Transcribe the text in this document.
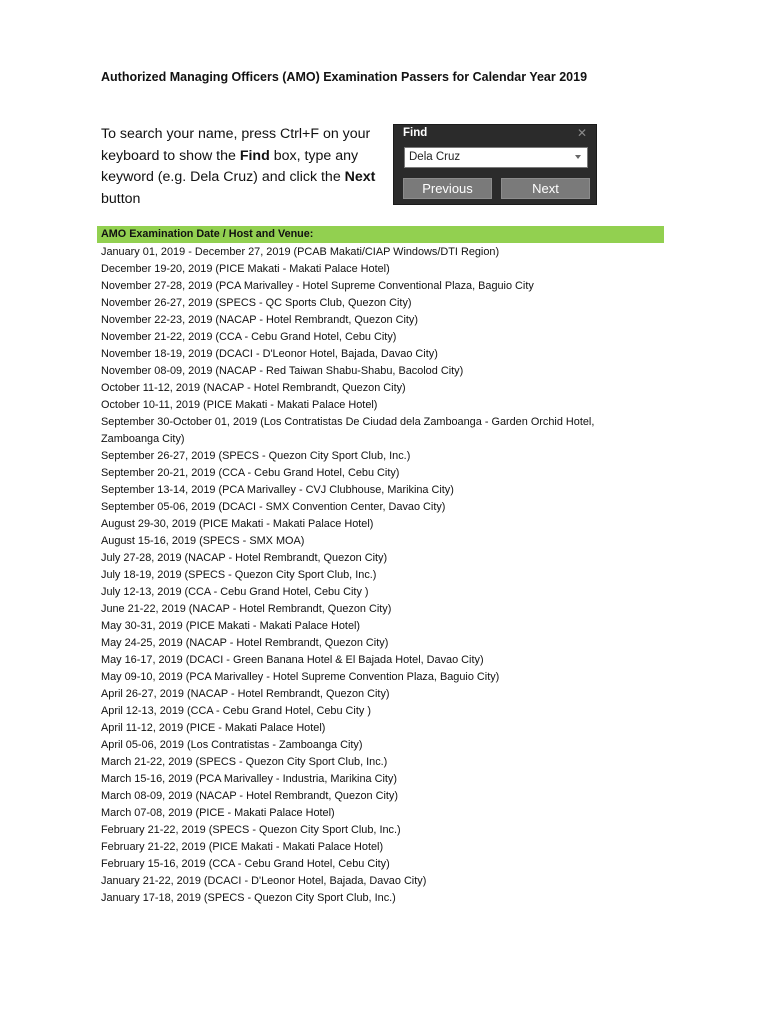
Authorized Managing Officers (AMO) Examination Passers for Calendar Year 2019
To search your name, press Ctrl+F on your keyboard to show the Find box, type any keyword (e.g. Dela Cruz) and click the Next button
Find	✕
Dela Cruz
Previous	Next
AMO Examination Date / Host and Venue:
January 01, 2019 - December 27, 2019 (PCAB Makati/CIAP Windows/DTI Region)
December 19-20, 2019 (PICE Makati - Makati Palace Hotel)
November 27-28, 2019 (PCA Marivalley - Hotel Supreme Conventional Plaza, Baguio City
November 26-27, 2019 (SPECS - QC Sports Club, Quezon City)
November 22-23, 2019 (NACAP - Hotel Rembrandt, Quezon City)
November 21-22, 2019 (CCA - Cebu Grand Hotel, Cebu City)
November 18-19, 2019 (DCACI - D'Leonor Hotel, Bajada, Davao City)
November 08-09, 2019 (NACAP - Red Taiwan Shabu-Shabu, Bacolod City)
October 11-12, 2019 (NACAP - Hotel Rembrandt, Quezon City)
October 10-11, 2019 (PICE Makati - Makati Palace Hotel)
September 30-October 01, 2019 (Los Contratistas De Ciudad dela Zamboanga - Garden Orchid Hotel, Zamboanga City)
September 26-27, 2019 (SPECS - Quezon City Sport Club, Inc.)
September 20-21, 2019 (CCA - Cebu Grand Hotel, Cebu City)
September 13-14, 2019 (PCA Marivalley - CVJ Clubhouse, Marikina City)
September 05-06, 2019 (DCACI - SMX Convention Center, Davao City)
August 29-30, 2019 (PICE Makati - Makati Palace Hotel)
August 15-16, 2019 (SPECS - SMX MOA)
July 27-28, 2019 (NACAP - Hotel Rembrandt, Quezon City)
July 18-19, 2019 (SPECS - Quezon City Sport Club, Inc.)
July 12-13, 2019 (CCA - Cebu Grand Hotel, Cebu City )
June 21-22, 2019 (NACAP - Hotel Rembrandt, Quezon City)
May 30-31, 2019 (PICE Makati - Makati Palace Hotel)
May 24-25, 2019 (NACAP - Hotel Rembrandt, Quezon City)
May 16-17, 2019 (DCACI - Green Banana Hotel & El Bajada Hotel, Davao City)
May 09-10, 2019 (PCA Marivalley - Hotel Supreme Convention Plaza, Baguio City)
April 26-27, 2019 (NACAP - Hotel Rembrandt, Quezon City)
April 12-13, 2019 (CCA - Cebu Grand Hotel, Cebu City )
April 11-12, 2019 (PICE - Makati Palace Hotel)
April 05-06, 2019 (Los Contratistas - Zamboanga City)
March 21-22, 2019 (SPECS - Quezon City Sport Club, Inc.)
March 15-16, 2019 (PCA Marivalley - Industria, Marikina City)
March 08-09, 2019 (NACAP - Hotel Rembrandt, Quezon City)
March 07-08, 2019 (PICE - Makati Palace Hotel)
February 21-22, 2019 (SPECS - Quezon City Sport Club, Inc.)
February 21-22, 2019 (PICE Makati - Makati Palace Hotel)
February 15-16, 2019 (CCA - Cebu Grand Hotel, Cebu City)
January 21-22, 2019 (DCACI - D'Leonor Hotel, Bajada, Davao City)
January 17-18, 2019 (SPECS - Quezon City Sport Club, Inc.)
